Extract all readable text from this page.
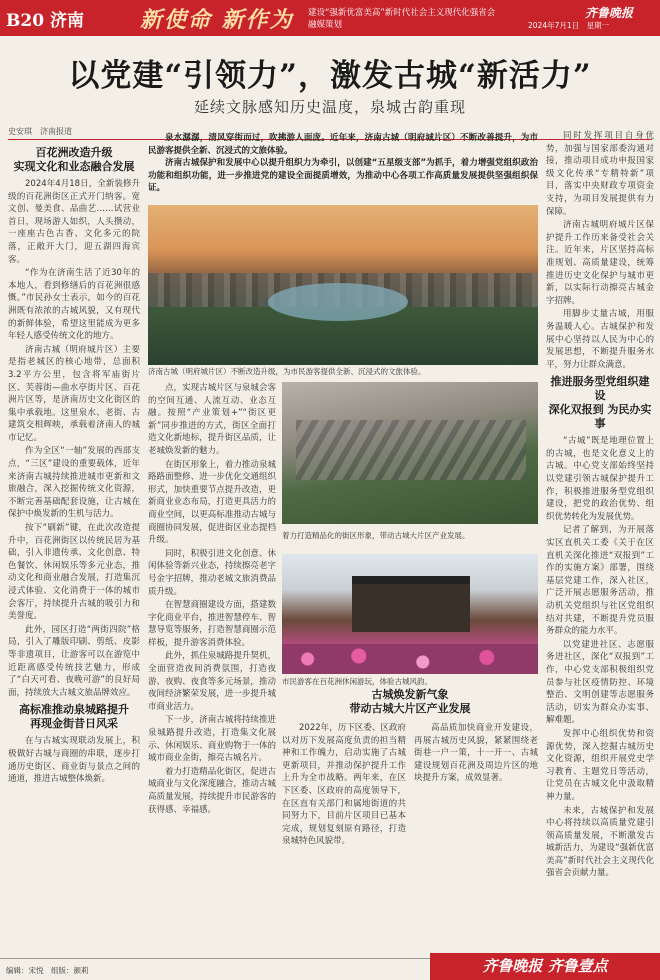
B20 济南	新使命 新作为 建设“强新优富美高”新时代社会主义现代化强省会
融媒策划	2024年7月1日　星期一
齐鲁晚报
以党建“引领力”，激发古城“新活力”
延续文脉感知历史温度，泉城古韵重现
史安琪　济南报道

泉水潺潺，清风穿街而过，吹拂游人面庞。近年来，济南古城（明府城片区）不断改善提升，为市民游客提供全新、沉浸式的文旅体验。

济南古城保护和发展中心以提升组织力为牵引，以创建“五星级支部”为抓手，着力增强党组织政治功能和组织功能，进一步推进党的建设全面提质增效，为推动中心各项工作高质量发展提供坚强组织保证。

百花洲改造升级
实现文化和业态融合发展

2024年4月18日，全新装修升级的百花洲街区正式开门纳客。宽文创、曼美食、品曲艺……试营业首日，现场游人如织，人头攒动，一座座古色古香、文化多元的院落，正敞开大门，迎五湖四海宾客。

“作为在济南生活了近30年的本地人，看到修缮后的百花洲很感慨。”市民孙女士表示，如今的百花洲既有浓浓的古城风貌，又有现代的新鲜体验，希望这里能成为更多年轻人感受传统文化的地方。

济南古城（明府城片区）主要是指老城区的核心地带，总面积3.2平方公里，包含将军庙街片区、芙蓉街—曲水亭街片区、百花洲片区等，是济南历史文化街区的集中承载地。这里泉水、老街、古建筑交相辉映，承载着济南人的城市记忆。

作为全区“一轴”发展的西部支点，“三区”建设的重要载体，近年来济南古城持续推进城市更新和文旅融合，深入挖掘传统文化资源，不断完善基础配套设施，让古城在保护中焕发新的生机与活力。

按下“刷新”键，在此次改造提升中，百花洲街区以传统民居为基础，引入非遗传承、文化创意、特色餐饮、休闲娱乐等多元业态，推动文化和商业融合发展，打造集沉浸式体验、文化消费于一体的城市会客厅，持续提升古城的吸引力和美誉度。

此外，园区打造“两街四院”格局，引入了雕版印刷、剪纸、皮影等非遗项目，让游客可以在游览中近距离感受传统技艺魅力，形成了“白天可看、夜晚可游”的良好局面，持续放大古城文旅品牌效应。

高标准推动泉城路提升
再现金街昔日风采

在与古城实现联动发展上，积极做好古城与商圈的串联，逐步打通历史街区、商业街与景点之间的通道，推进古城整体焕新。

济南古城（明府城片区）不断改造升级，为市民游客提供全新、沉浸式的文旅体验。

点，实现古城片区与泉城会客的空间互通、人流互动、业态互融。按照“产业策划+”“街区更新”同步推进的方式，街区全面打造文化新地标，提升街区品质，让老城焕发新的魅力。

在街区形象上，着力推动泉城路路面整修、进一步优化交通组织形式，加快重要节点提升改造，更新商业业态布局，打造更具活力的商业空间，以更高标准推动古城与商圈协同发展，促进街区业态提档升级。

同时，积极引进文化创意、休闲体验等新兴业态，持续擦亮老字号金字招牌，推动老城文旅消费品质升级。

在智慧商圈建设方面，搭建数字化商业平台，推进智慧停车、智慧导览等服务，打造智慧商圈示范样板，提升游客消费体验。

此外，抓住泉城路提升契机，全面营造夜间消费氛围，打造夜游、夜购、夜食等多元场景，推动夜间经济繁荣发展，进一步提升城市商业活力。

下一步，济南古城将持续推进泉城路提升改造，打造集文化展示、休闲娱乐、商业购物于一体的城市商业金街，擦亮古城名片。

着力打造精品化街区，促进古城商业与文化深度融合，推动古城高质量发展，持续提升市民游客的获得感、幸福感。

着力打造精品化的街区形象，带动古城大片区产业发展。
市民游客在百花洲休闲游玩，体验古城风韵。
古城焕发新气象
带动古城大片区产业发展

2022年，历下区委、区政府以对历下发展高度负责的担当精神和工作魄力，启动实施了古城更新项目，并推动保护提升工作上升为全市战略。两年来，在区下区委、区政府的高度领导下，在区直有关部门和属地街道的共同努力下，目前片区项目已基本完成，规划复刻原有路径，打造泉城特色风貌带。

高品质加快商业开发建设，再展古城历史风貌，紧紧围绕老街巷一户一策，十一开一、古城建设规划百花洲及周边片区的地块提升方案，成效显著。

同时发挥项目自身优势，加强与国家部委沟通对接，推动项目成功申报国家级文化传承“专精特新”项目，落实中央财政专项资金支持，为项目发展提供有力保障。

济南古城明府城片区保护提升工作历来备受社会关注。近年来，片区坚持高标准规划、高质量建设，统筹推进历史文化保护与城市更新，以实际行动擦亮古城金字招牌。

用脚步丈量古城，用服务温暖人心。古城保护和发展中心坚持以人民为中心的发展思想，不断提升服务水平，努力让群众满意。

推进服务型党组织建设
深化双报到 为民办实事

“古城”既是地理位置上的古城，也是文化意义上的古城。中心党支部始终坚持以党建引领古城保护提升工作，积极推进服务型党组织建设，把党的政治优势、组织优势转化为发展优势。

记者了解到，为开展落实区直机关工委《关于在区直机关深化推进“双报到”工作的实施方案》部署，围绕基层党建工作，深入社区，广泛开展志愿服务活动，推动机关党组织与社区党组织结对共建，不断提升党员服务群众的能力水平。

以党建进社区、志愿服务进社区，深化“双报到”工作，中心党支部积极组织党员参与社区疫情防控、环境整治、文明创建等志愿服务活动，切实为群众办实事、解难题。

发挥中心组织优势和资源优势，深入挖掘古城历史文化资源，组织开展党史学习教育、主题党日等活动，让党员在古城文化中汲取精神力量。

未来，古城保护和发展中心将持续以高质量党建引领高质量发展，不断激发古城新活力，为建设“强新优富美高”新时代社会主义现代化强省会贡献力量。

编辑：宋悦　组版：颜莉	齐鲁晚报 齐鲁壹点
